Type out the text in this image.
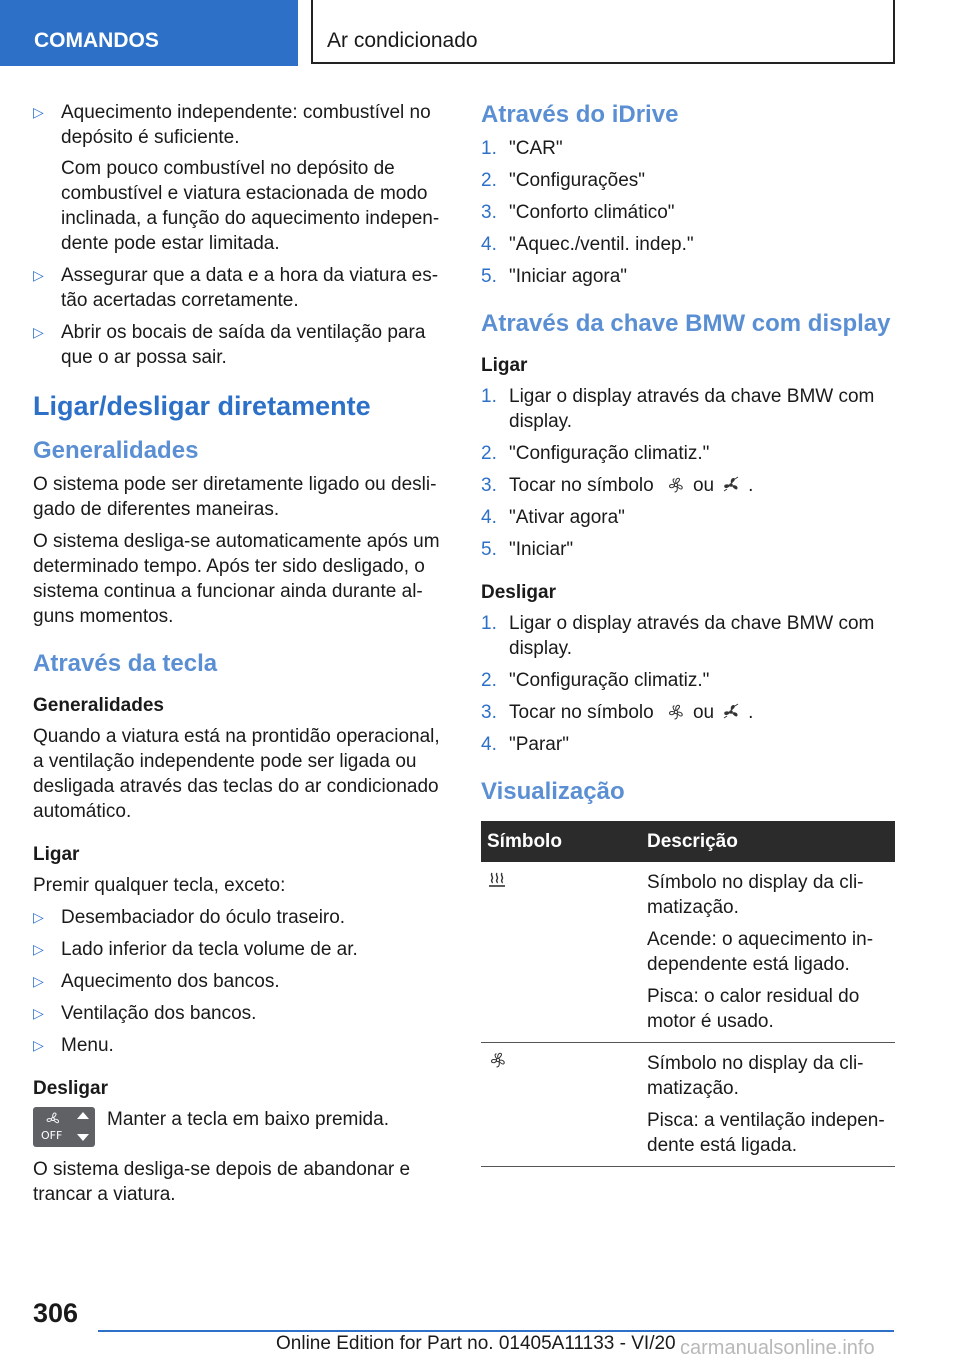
COMANDOS	Ar condicionado
▷ Aquecimento independente: combustível no depósito é suficiente.

Com pouco combustível no depósito de combustível e viatura estacionada de modo inclinada, a função do aquecimento independente pode estar limitada.

▷ Assegurar que a data e a hora da viatura estão acertadas corretamente.
▷ Abrir os bocais de saída da ventilação para que o ar possa sair.
Ligar/desligar diretamente
Generalidades

O sistema pode ser diretamente ligado ou desligado de diferentes maneiras.

O sistema desliga-se automaticamente após um determinado tempo. Após ter sido desligado, o sistema continua a funcionar ainda durante alguns momentos.

Através da tecla
Generalidades

Quando a viatura está na prontidão operacional, a ventilação independente pode ser ligada ou desligada através das teclas do ar condicionado automático.

Ligar

Premir qualquer tecla, exceto:

▷ Desembaciador do óculo traseiro.
▷ Lado inferior da tecla volume de ar.
▷ Aquecimento dos bancos.
▷ Ventilação dos bancos.
▷ Menu.
Desligar
OFF
Manter a tecla em baixo premida.

O sistema desliga-se depois de abandonar e trancar a viatura.

Através do iDrive
1. "CAR"
2. "Configurações"
3. "Conforto climático"
4. "Aquec./ventil. indep."
5. "Iniciar agora"
Através da chave BMW com display
Ligar
1. Ligar o display através da chave BMW com display.
2. "Configuração climatiz."
3. Tocar no símbolo ou .
4. "Ativar agora"
5. "Iniciar"
Desligar
1. Ligar o display através da chave BMW com display.
2. "Configuração climatiz."
3. Tocar no símbolo ou .
4. "Parar"
Visualização
Símbolo	Descrição

Símbolo no display da climatização.

Acende: o aquecimento independente está ligado.

Pisca: o calor residual do motor é usado.

Símbolo no display da climatização.

Pisca: a ventilação independente está ligada.

306
Online Edition for Part no. 01405A11133 - VI/20 carmanualsonline.info
